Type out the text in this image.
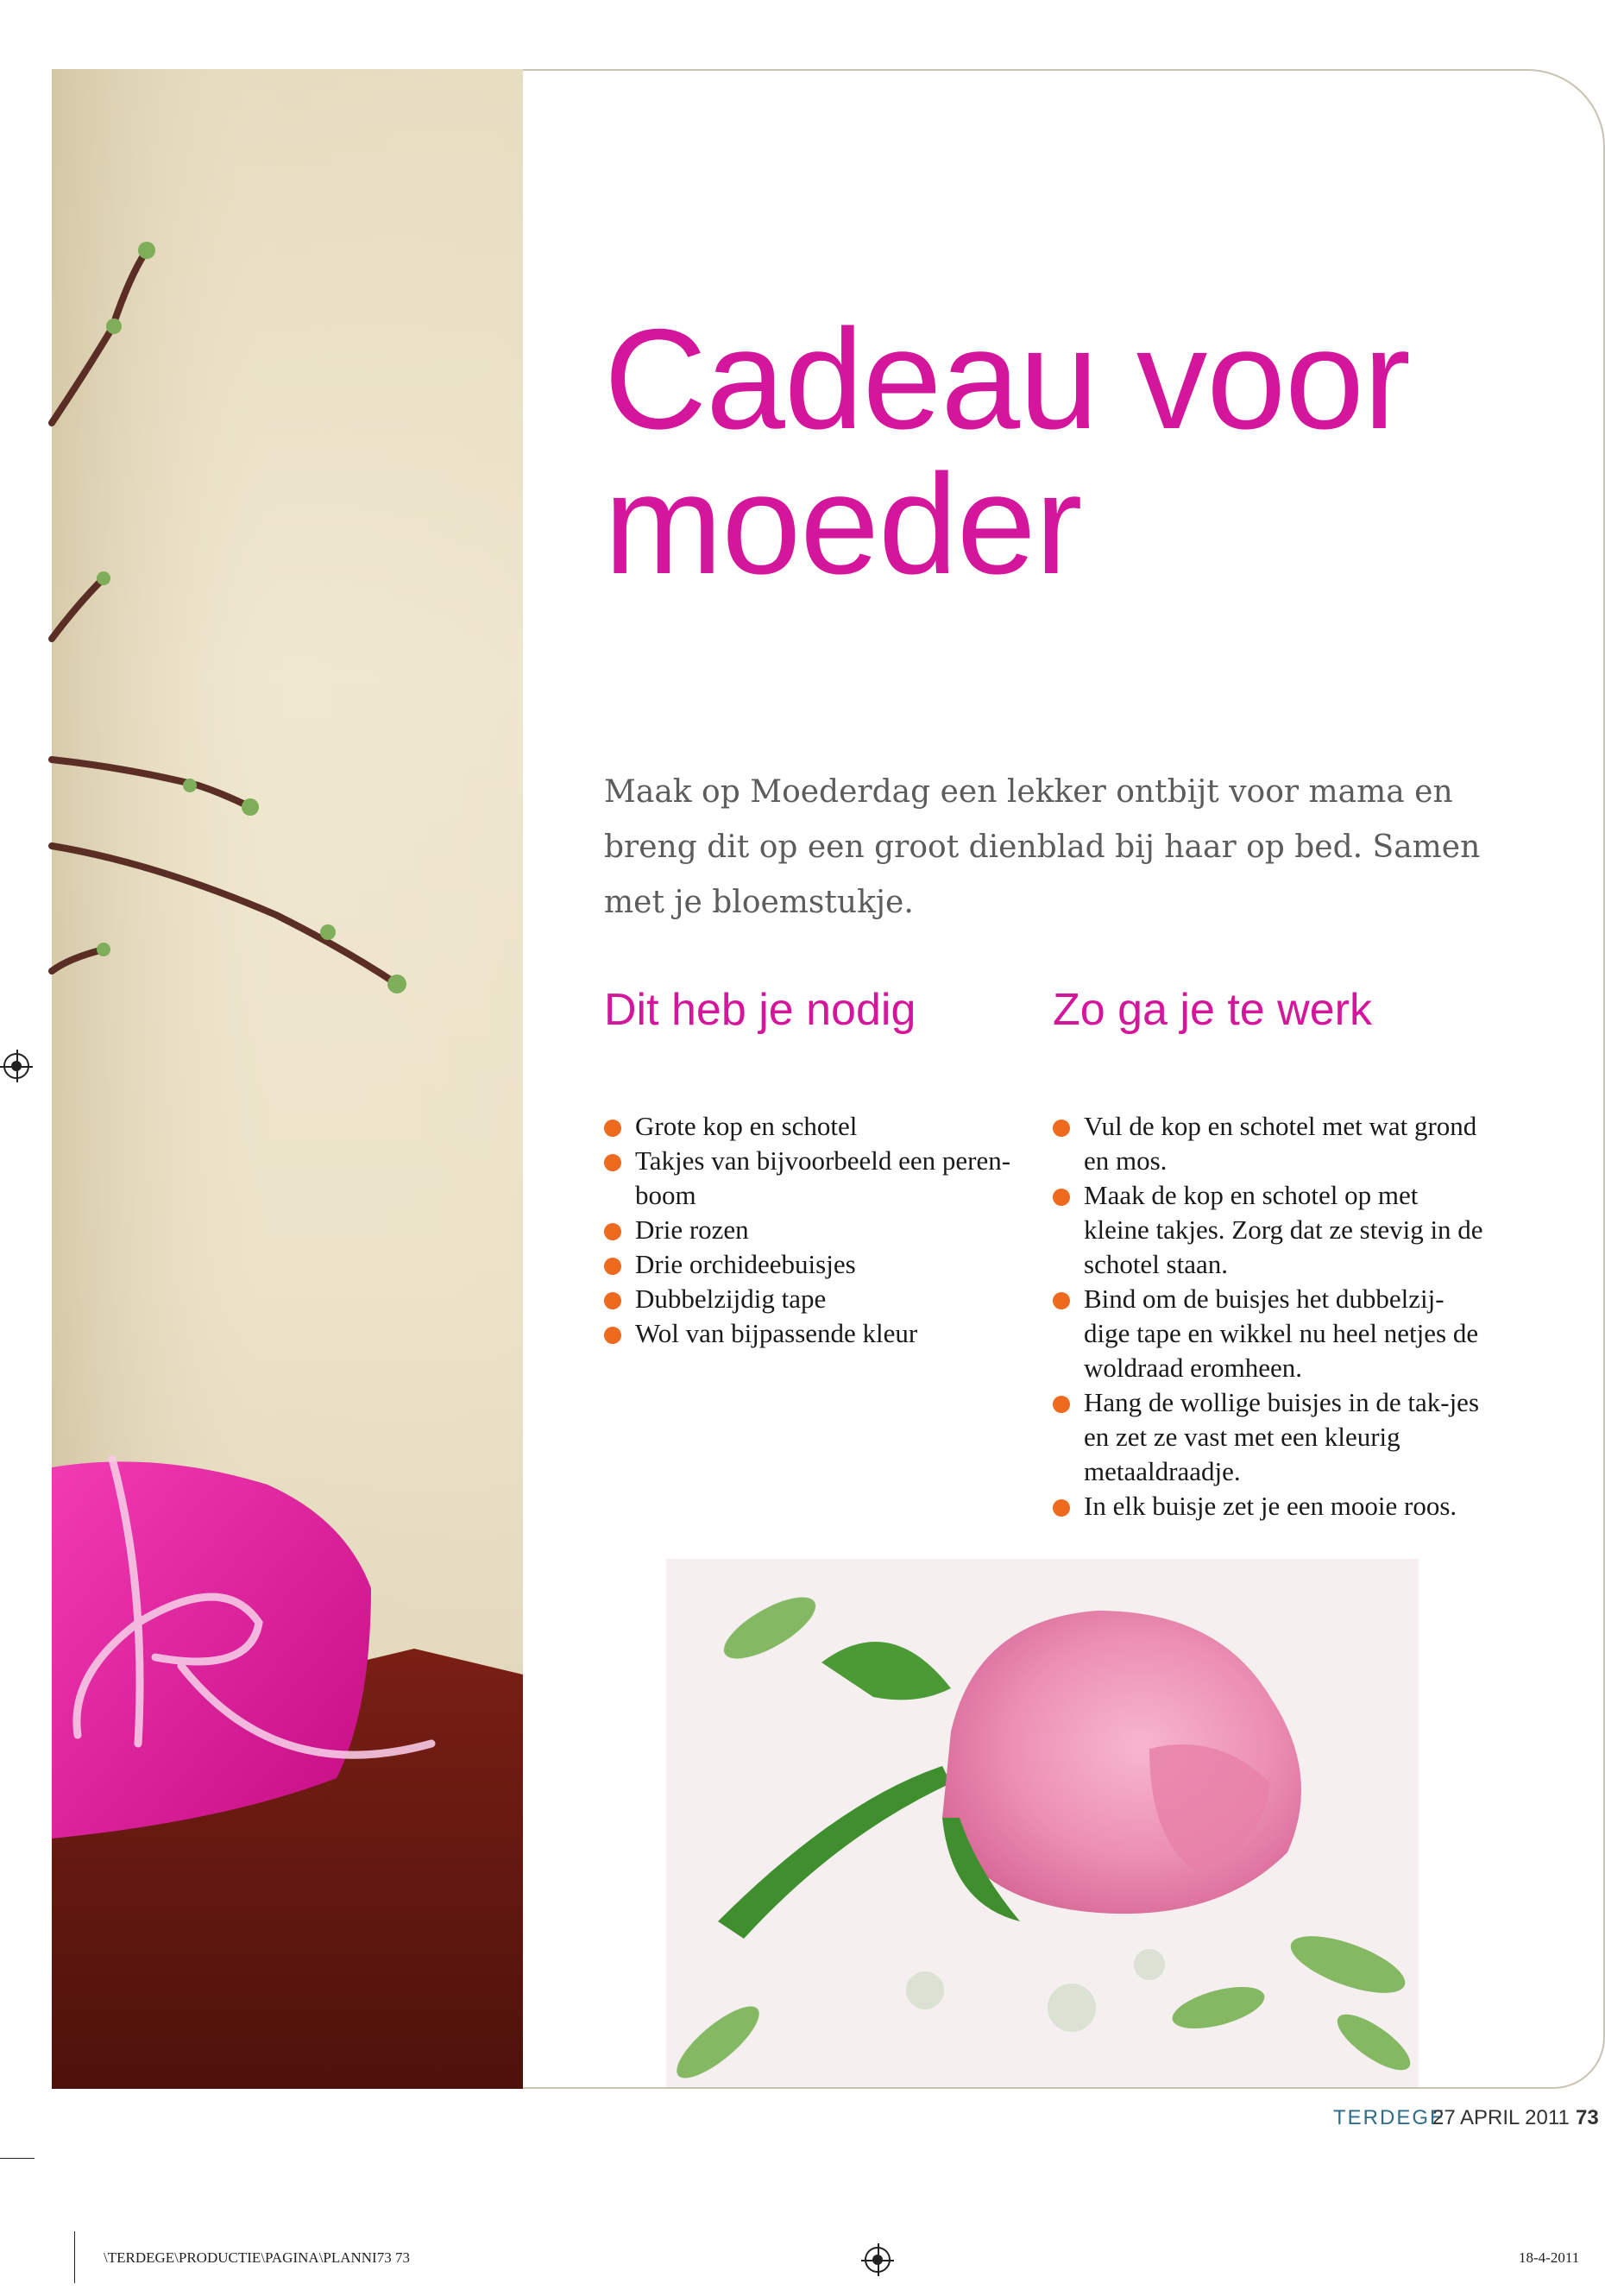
Cadeau voor
moeder

Maak op Moederdag een lekker ontbijt voor mama en breng dit op een groot dienblad bij haar op bed. Samen met je bloemstukje.

Dit heb je nodig
Grote kop en schotel
Takjes van bijvoorbeeld een peren-boom
Drie rozen
Drie orchideebuisjes
Dubbelzijdig tape
Wol van bijpassende kleur
Zo ga je te werk
Vul de kop en schotel met wat grond en mos.
Maak de kop en schotel op met kleine takjes. Zorg dat ze stevig in de schotel staan.
Bind om de buisjes het dubbelzij-dige tape en wikkel nu heel netjes de woldraad eromheen.
Hang de wollige buisjes in de tak-jes en zet ze vast met een kleurig metaaldraadje.
In elk buisje zet je een mooie roos.
TERDEGE
27 APRIL 2011 73
\TERDEGE\PRODUCTIE\PAGINA\PLANNI73 73	18-4-2011
